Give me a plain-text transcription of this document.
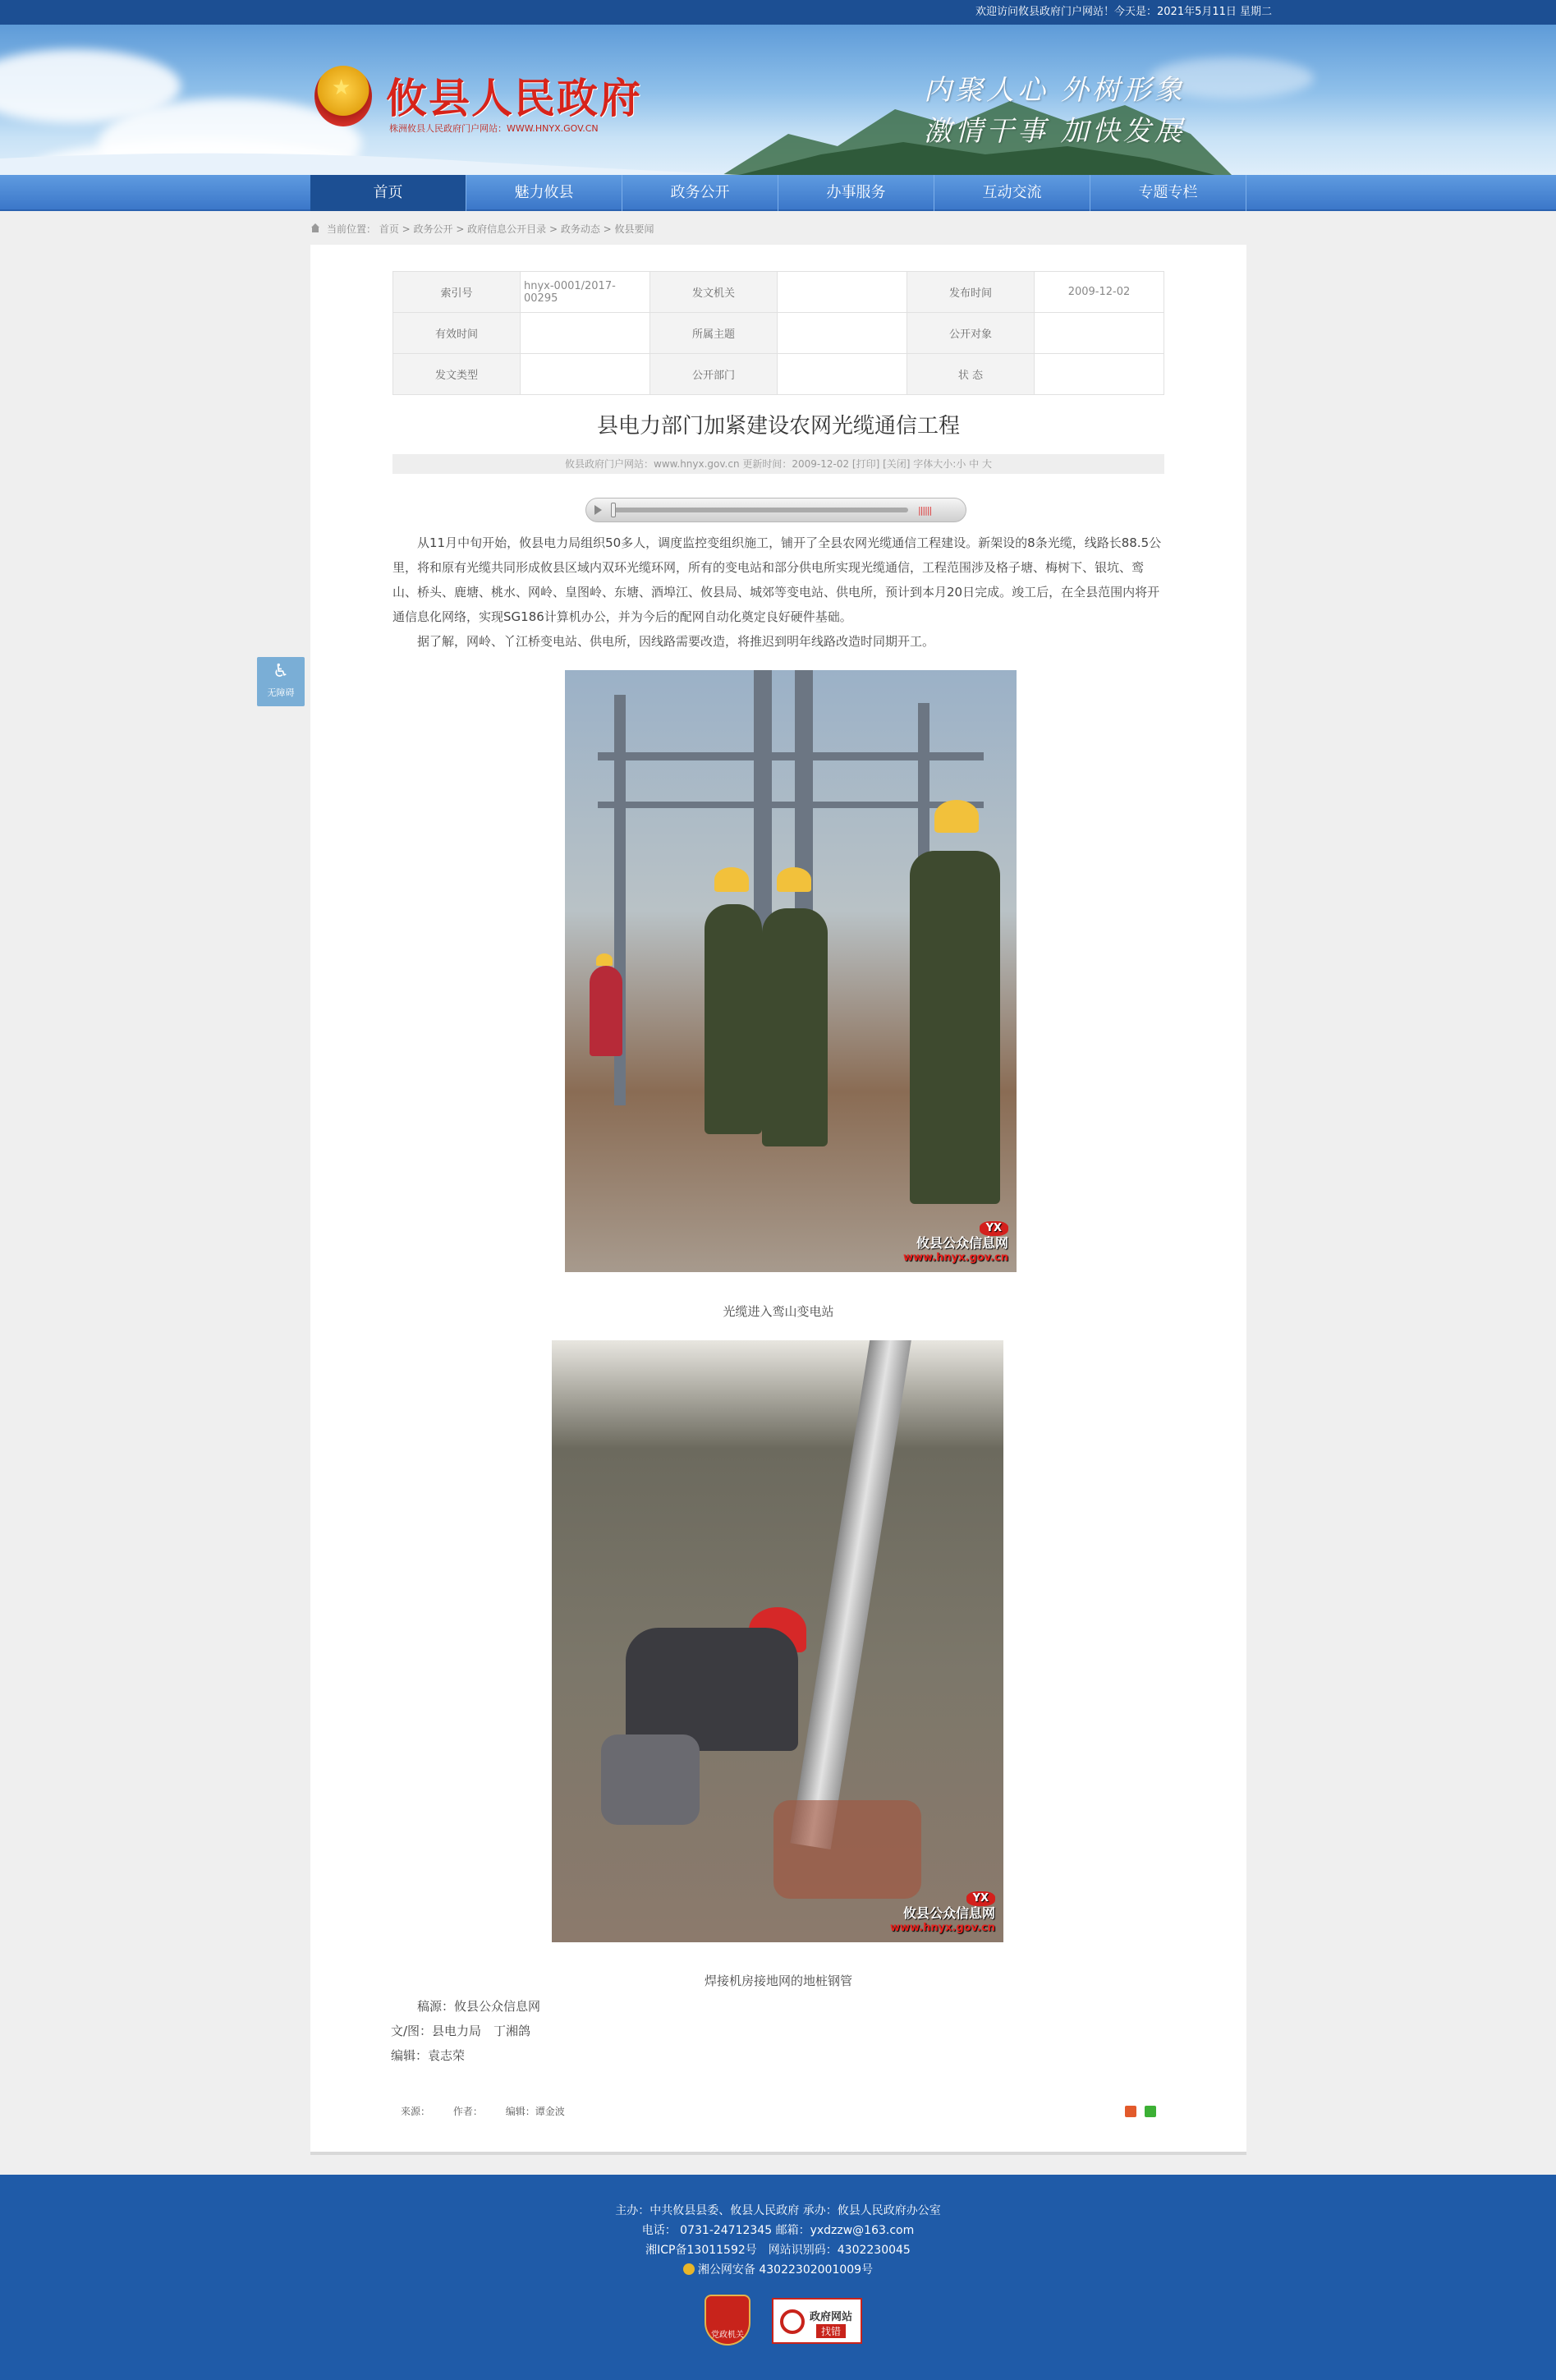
欢迎访问攸县政府门户网站！今天是：2021年5月11日 星期二
★ 攸县人民政府
株洲攸县人民政府门户网站：WWW.HNYX.GOV.CN
内聚人心 外树形象
激情干事 加快发展
首页	魅力攸县	政务公开	办事服务	互动交流	专题专栏
当前位置： 首页 > 政务公开 > 政府信息公开目录 > 政务动态 > 攸县要闻
♿
无障碍
索引号	hnyx-0001/2017-00295	发文机关		发布时间	2009-12-02
有效时间		所属主题		公开对象	
发文类型		公开部门		状 态	
县电力部门加紧建设农网光缆通信工程
攸县政府门户网站：www.hnyx.gov.cn 更新时间：2009-12-02 [打印] [关闭] 字体大小:小 中 大
||||||

从11月中旬开始，攸县电力局组织50多人，调度监控变组织施工，铺开了全县农网光缆通信工程建设。新架设的8条光缆，线路长88.5公里，将和原有光缆共同形成攸县区域内双环光缆环网，所有的变电站和部分供电所实现光缆通信，工程范围涉及格子塘、梅树下、银坑、鸾山、桥头、鹿塘、桃水、网岭、皇图岭、东塘、酒埠江、攸县局、城郊等变电站、供电所，预计到本月20日完成。竣工后，在全县范围内将开通信息化网络，实现SG186计算机办公，并为今后的配网自动化奠定良好硬件基础。

据了解，网岭、丫江桥变电站、供电所，因线路需要改造，将推迟到明年线路改造时同期开工。

YX
攸县公众信息网
www.hnyx.gov.cn
光缆进入鸾山变电站
YX
攸县公众信息网
www.hnyx.gov.cn
焊接机房接地网的地桩钢管
稿源：攸县公众信息网
文/图：县电力局　丁湘鸽
编辑：袁志荣
来源： 作者： 编辑：谭金波
主办：中共攸县县委、攸县人民政府 承办：攸县人民政府办公室
电话： 0731-24712345 邮箱：yxdzzw@163.com
湘ICP备13011592号　网站识别码：4302230045
湘公网安备 43022302001009号
党政机关
政府网站
找错
